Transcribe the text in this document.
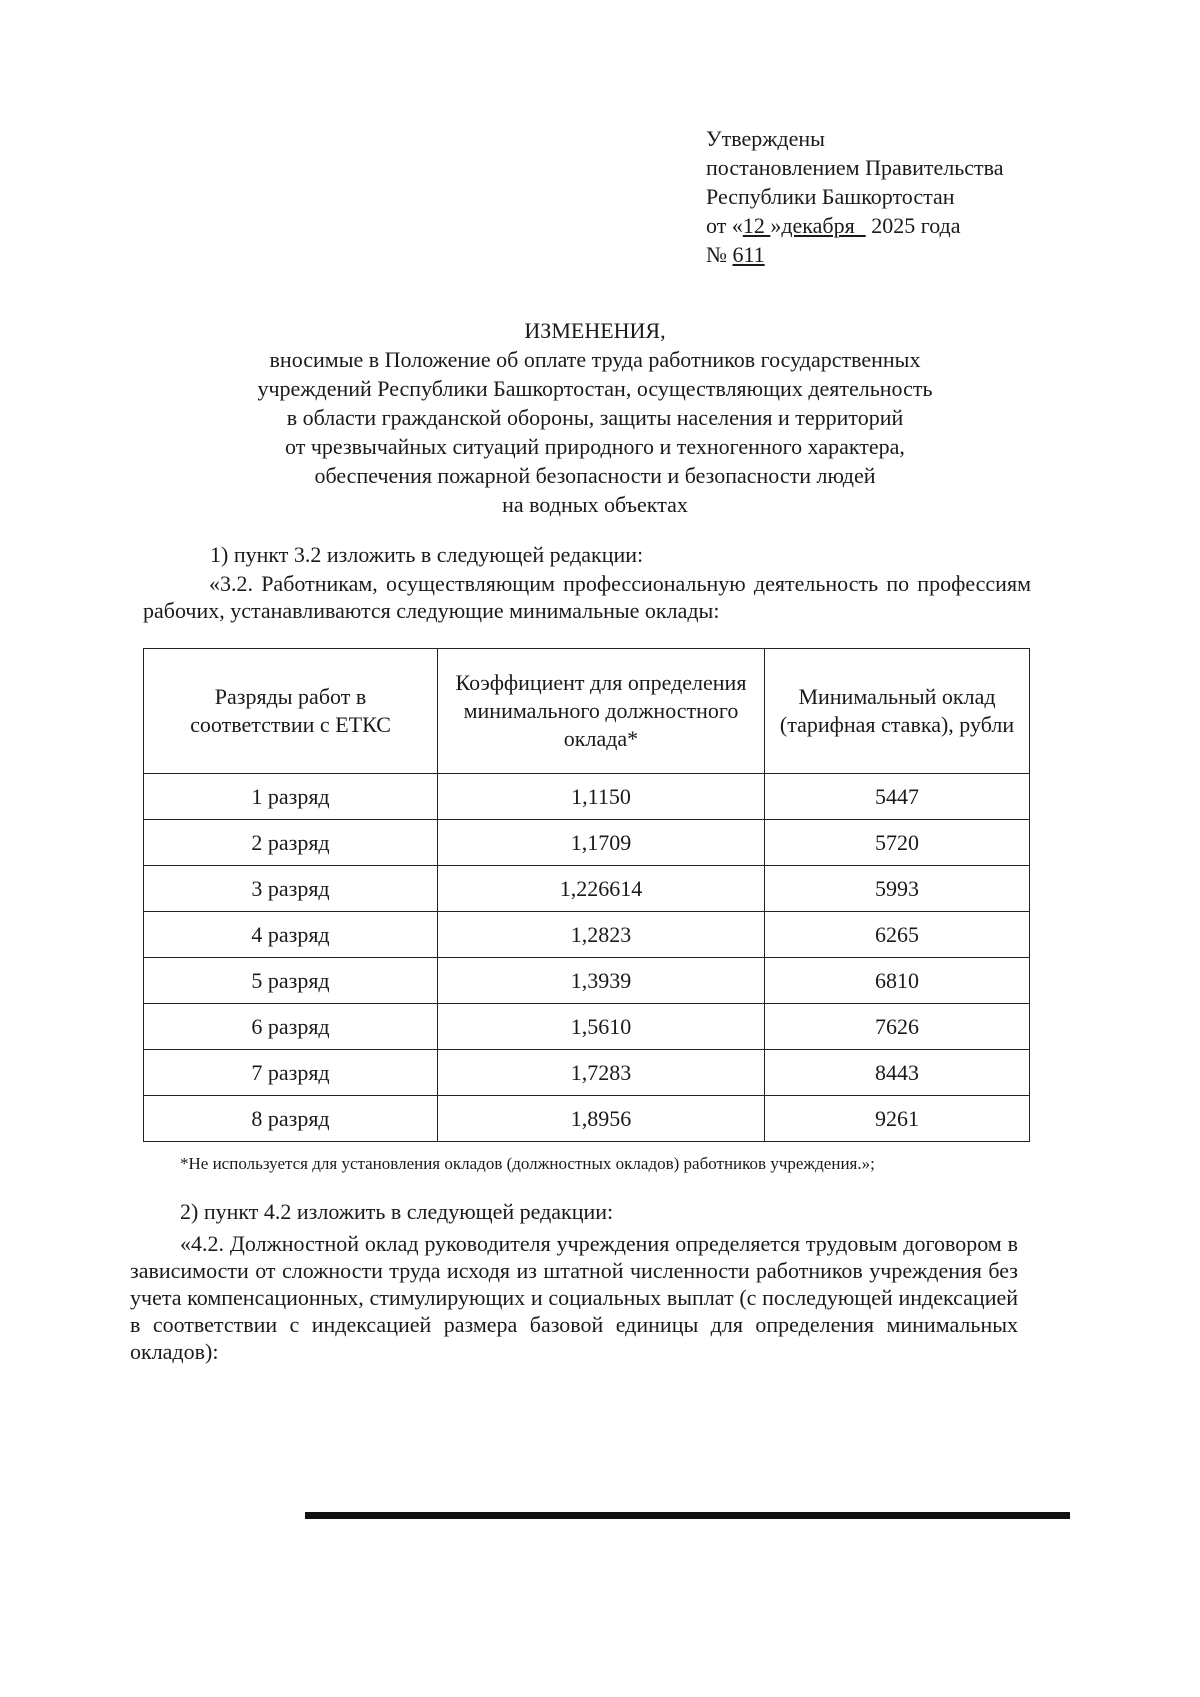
Утверждены
постановлением Правительства
Республики Башкортостан
от «12 »декабря   2025 года
№ 611
ИЗМЕНЕНИЯ,
вносимые в Положение об оплате труда работников государственных
учреждений Республики Башкортостан, осуществляющих деятельность
в области гражданской обороны, защиты населения и территорий
от чрезвычайных ситуаций природного и техногенного характера,
обеспечения пожарной безопасности и безопасности людей
на водных объектах
1) пункт 3.2 изложить в следующей редакции:
«3.2. Работникам, осуществляющим профессиональную деятельность по профессиям рабочих, устанавливаются следующие минимальные оклады:
Разряды работ в соответствии с ЕТКС	Коэффициент для определения минимального должностного оклада*	Минимальный оклад (тарифная ставка), рубли
1 разряд	1,1150	5447
2 разряд	1,1709	5720
3 разряд	1,226614	5993
4 разряд	1,2823	6265
5 разряд	1,3939	6810
6 разряд	1,5610	7626
7 разряд	1,7283	8443
8 разряд	1,8956	9261
*Не используется для установления окладов (должностных окладов) работников учреждения.»;
2) пункт 4.2 изложить в следующей редакции:
«4.2. Должностной оклад руководителя учреждения определяется трудовым договором в зависимости от сложности труда исходя из штатной численности работников учреждения без учета компенсационных, стимулирующих и социальных выплат (с последующей индексацией в соответствии с индексацией размера базовой единицы для определения минимальных окладов):
